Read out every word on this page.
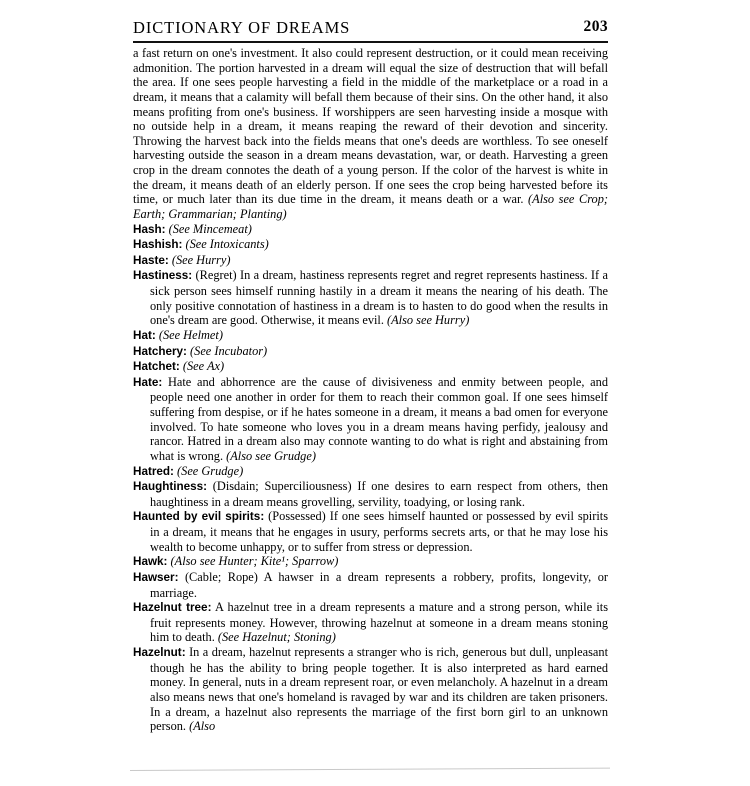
DICTIONARY OF DREAMS	203

a fast return on one's investment. It also could represent destruction, or it could mean receiving admonition. The portion harvested in a dream will equal the size of destruction that will befall the area. If one sees people harvesting a field in the middle of the marketplace or a road in a dream, it means that a calamity will befall them because of their sins. On the other hand, it also means profiting from one's business. If worshippers are seen harvesting inside a mosque with no outside help in a dream, it means reaping the reward of their devotion and sincerity. Throwing the harvest back into the fields means that one's deeds are worthless. To see oneself harvesting outside the season in a dream means devastation, war, or death. Harvesting a green crop in the dream connotes the death of a young person. If the color of the harvest is white in the dream, it means death of an elderly person. If one sees the crop being harvested before its time, or much later than its due time in the dream, it means death or a war. (Also see Crop; Earth; Grammarian; Planting)

Hash: (See Mincemeat)

Hashish: (See Intoxicants)

Haste: (See Hurry)

Hastiness: (Regret) In a dream, hastiness represents regret and regret represents hastiness. If a sick person sees himself running hastily in a dream it means the nearing of his death. The only positive connotation of hastiness in a dream is to hasten to do good when the results in one's dream are good. Otherwise, it means evil. (Also see Hurry)

Hat: (See Helmet)

Hatchery: (See Incubator)

Hatchet: (See Ax)

Hate: Hate and abhorrence are the cause of divisiveness and enmity between people, and people need one another in order for them to reach their common goal. If one sees himself suffering from despise, or if he hates someone in a dream, it means a bad omen for everyone involved. To hate someone who loves you in a dream means having perfidy, jealousy and rancor. Hatred in a dream also may connote wanting to do what is right and abstaining from what is wrong. (Also see Grudge)

Hatred: (See Grudge)

Haughtiness: (Disdain; Superciliousness) If one desires to earn respect from others, then haughtiness in a dream means grovelling, servility, toadying, or losing rank.

Haunted by evil spirits: (Possessed) If one sees himself haunted or possessed by evil spirits in a dream, it means that he engages in usury, performs secrets arts, or that he may lose his wealth to become unhappy, or to suffer from stress or depression.

Hawk: (Also see Hunter; Kite¹; Sparrow)

Hawser: (Cable; Rope) A hawser in a dream represents a robbery, profits, longevity, or marriage.

Hazelnut tree: A hazelnut tree in a dream represents a mature and a strong person, while its fruit represents money. However, throwing hazelnut at someone in a dream means stoning him to death. (See Hazelnut; Stoning)

Hazelnut: In a dream, hazelnut represents a stranger who is rich, generous but dull, unpleasant though he has the ability to bring people together. It is also interpreted as hard earned money. In general, nuts in a dream represent roar, or even melancholy. A hazelnut in a dream also means news that one's homeland is ravaged by war and its children are taken prisoners. In a dream, a hazelnut also represents the marriage of the first born girl to an unknown person. (Also
